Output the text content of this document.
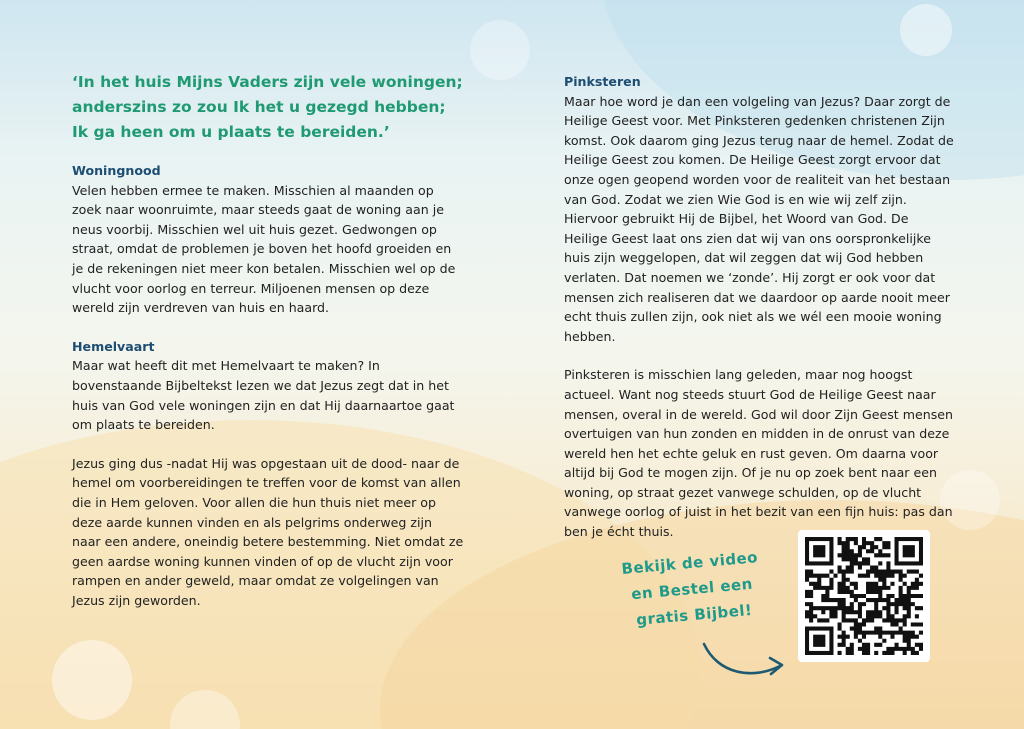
‘In het huis Mijns Vaders zijn vele woningen; anderszins zo zou Ik het u gezegd hebben; Ik ga heen om u plaats te bereiden.’

Woningnood

Velen hebben ermee te maken. Misschien al maanden op zoek naar woonruimte, maar steeds gaat de woning aan je neus voorbij. Misschien wel uit huis gezet. Gedwongen op straat, omdat de problemen je boven het hoofd groeiden en je de rekeningen niet meer kon betalen. Misschien wel op de vlucht voor oorlog en terreur. Miljoenen mensen op deze wereld zijn verdreven van huis en haard.

Hemelvaart

Maar wat heeft dit met Hemelvaart te maken? In bovenstaande Bijbeltekst lezen we dat Jezus zegt dat in het huis van God vele woningen zijn en dat Hij daarnaartoe gaat om plaats te bereiden.

Jezus ging dus -nadat Hij was opgestaan uit de dood- naar de hemel om voorbereidingen te treffen voor de komst van allen die in Hem geloven. Voor allen die hun thuis niet meer op deze aarde kunnen vinden en als pelgrims onderweg zijn naar een andere, oneindig betere bestemming. Niet omdat ze geen aardse woning kunnen vinden of op de vlucht zijn voor rampen en ander geweld, maar omdat ze volgelingen van Jezus zijn geworden.

Pinksteren

Maar hoe word je dan een volgeling van Jezus? Daar zorgt de Heilige Geest voor. Met Pinksteren gedenken christenen Zijn komst. Ook daarom ging Jezus terug naar de hemel. Zodat de Heilige Geest zou komen. De Heilige Geest zorgt ervoor dat onze ogen geopend worden voor de realiteit van het bestaan van God. Zodat we zien Wie God is en wie wij zelf zijn. Hiervoor gebruikt Hij de Bijbel, het Woord van God. De Heilige Geest laat ons zien dat wij van ons oorspronkelijke huis zijn weggelopen, dat wil zeggen dat wij God hebben verlaten. Dat noemen we ‘zonde’. Hij zorgt er ook voor dat mensen zich realiseren dat we daardoor op aarde nooit meer echt thuis zullen zijn, ook niet als we wél een mooie woning hebben.

Pinksteren is misschien lang geleden, maar nog hoogst actueel. Want nog steeds stuurt God de Heilige Geest naar mensen, overal in de wereld. God wil door Zijn Geest mensen overtuigen van hun zonden en midden in de onrust van deze wereld hen het echte geluk en rust geven. Om daarna voor altijd bij God te mogen zijn. Of je nu op zoek bent naar een woning, op straat gezet vanwege schulden, op de vlucht vanwege oorlog of juist in het bezit van een fijn huis: pas dan ben je écht thuis.

Bekijk de video
en Bestel een
gratis Bijbel!
